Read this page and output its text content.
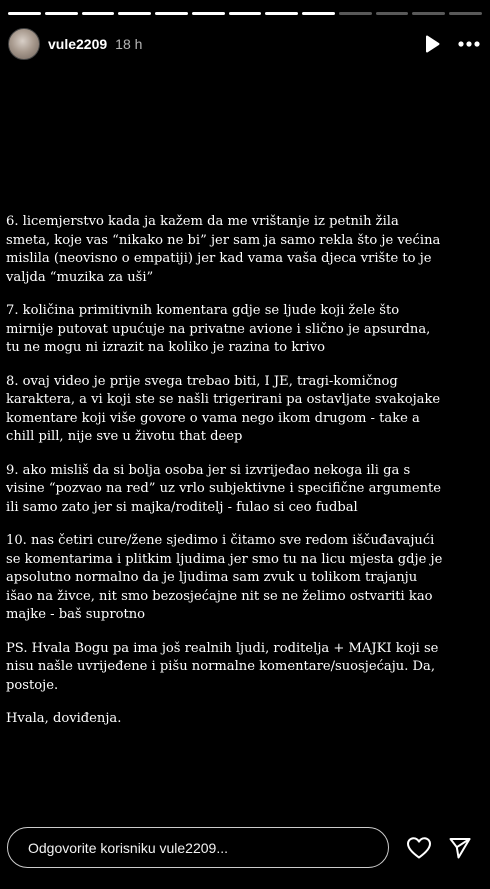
vule2209 18 h

6. licemjerstvo kada ja kažem da me vrištanje iz petnih žila smeta, koje vas “nikako ne bi” jer sam ja samo rekla što je većina mislila (neovisno o empatiji) jer kad vama vaša djeca vrište to je valjda “muzika za uši”

7. količina primitivnih komentara gdje se ljude koji žele što mirnije putovat upućuje na privatne avione i slično je apsurdna, tu ne mogu ni izrazit na koliko je razina to krivo

8. ovaj video je prije svega trebao biti, I JE, tragi-komičnog karaktera, a vi koji ste se našli trigerirani pa ostavljate svakojake komentare koji više govore o vama nego ikom drugom - take a chill pill, nije sve u životu that deep

9. ako misliš da si bolja osoba jer si izvrijeđao nekoga ili ga s visine “pozvao na red” uz vrlo subjektivne i specifične argumente ili samo zato jer si majka/roditelj - fulao si ceo fudbal

10. nas četiri cure/žene sjedimo i čitamo sve redom iščuđavajući se komentarima i plitkim ljudima jer smo tu na licu mjesta gdje je apsolutno normalno da je ljudima sam zvuk u tolikom trajanju išao na živce, nit smo bezosjećajne nit se ne želimo ostvariti kao majke - baš suprotno

PS. Hvala Bogu pa ima još realnih ljudi, roditelja + MAJKI koji se nisu našle uvrijeđene i pišu normalne komentare/suosjećaju. Da, postoje.

Hvala, doviđenja.

Odgovorite korisniku vule2209...
